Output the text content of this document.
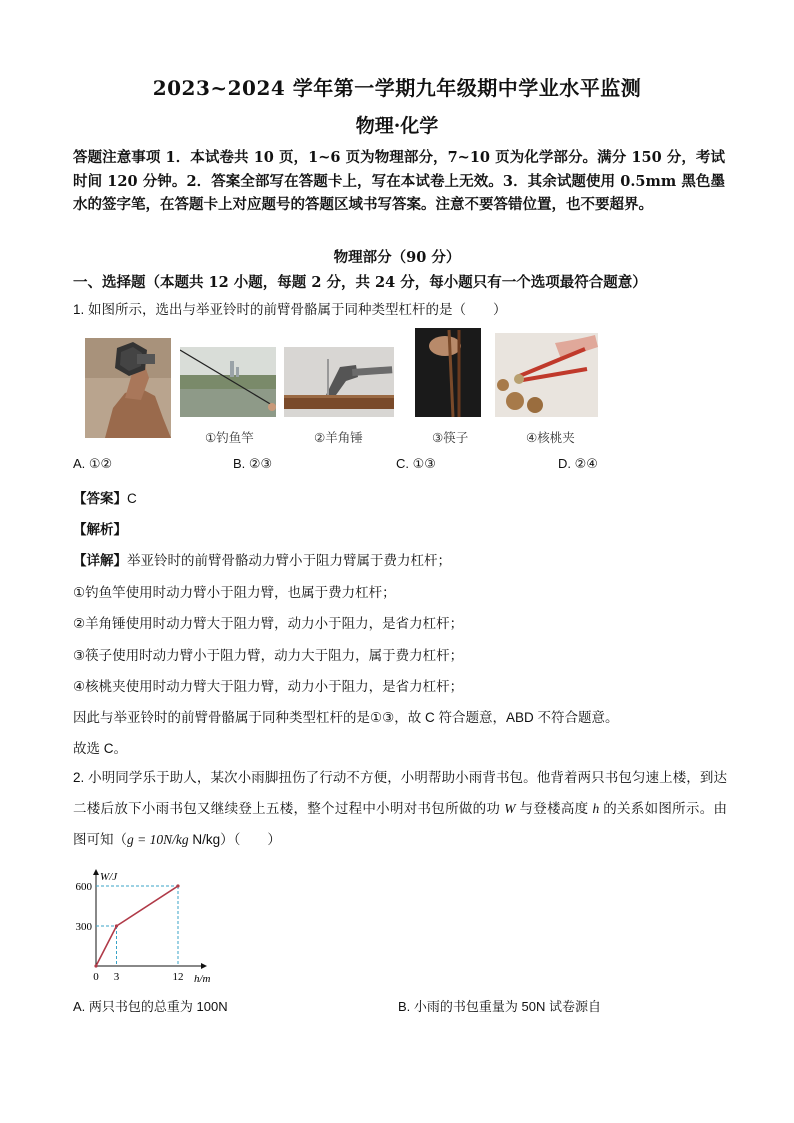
2023~2024 学年第一学期九年级期中学业水平监测
物理·化学
答题注意事项 1．本试卷共 10 页，1~6 页为物理部分，7~10 页为化学部分。满分 150 分，考试时间 120 分钟。2．答案全部写在答题卡上，写在本试卷上无效。3．其余试题使用 0.5mm 黑色墨水的签字笔，在答题卡上对应题号的答题区域书写答案。注意不要答错位置，也不要超界。
物理部分（90 分）
一、选择题（本题共 12 小题，每题 2 分，共 24 分，每小题只有一个选项最符合题意）
1. 如图所示，选出与举亚铃时的前臂骨骼属于同种类型杠杆的是（　　）
①钓鱼竿	②羊角锤	③筷子	④核桃夹
A. ①②	B. ②③	C. ①③	D. ②④
【答案】C
【解析】
【详解】举亚铃时的前臂骨骼动力臂小于阻力臂属于费力杠杆；
①钓鱼竿使用时动力臂小于阻力臂，也属于费力杠杆；
②羊角锤使用时动力臂大于阻力臂，动力小于阻力，是省力杠杆；
③筷子使用时动力臂小于阻力臂，动力大于阻力，属于费力杠杆；
④核桃夹使用时动力臂大于阻力臂，动力小于阻力，是省力杠杆；
因此与举亚铃时的前臂骨骼属于同种类型杠杆的是①③，故 C 符合题意，ABD 不符合题意。
故选 C。
2. 小明同学乐于助人，某次小雨脚扭伤了行动不方便，小明帮助小雨背书包。他背着两只书包匀速上楼，到达二楼后放下小雨书包又继续登上五楼，整个过程中小明对书包所做的功 W 与登楼高度 h 的关系如图所示。由图可知（g = 10N/kg N/kg）（　　）
W/J
h/m
0 3	12
300
600
A. 两只书包的总重为 100N	B. 小雨的书包重量为 50N 试卷源自
